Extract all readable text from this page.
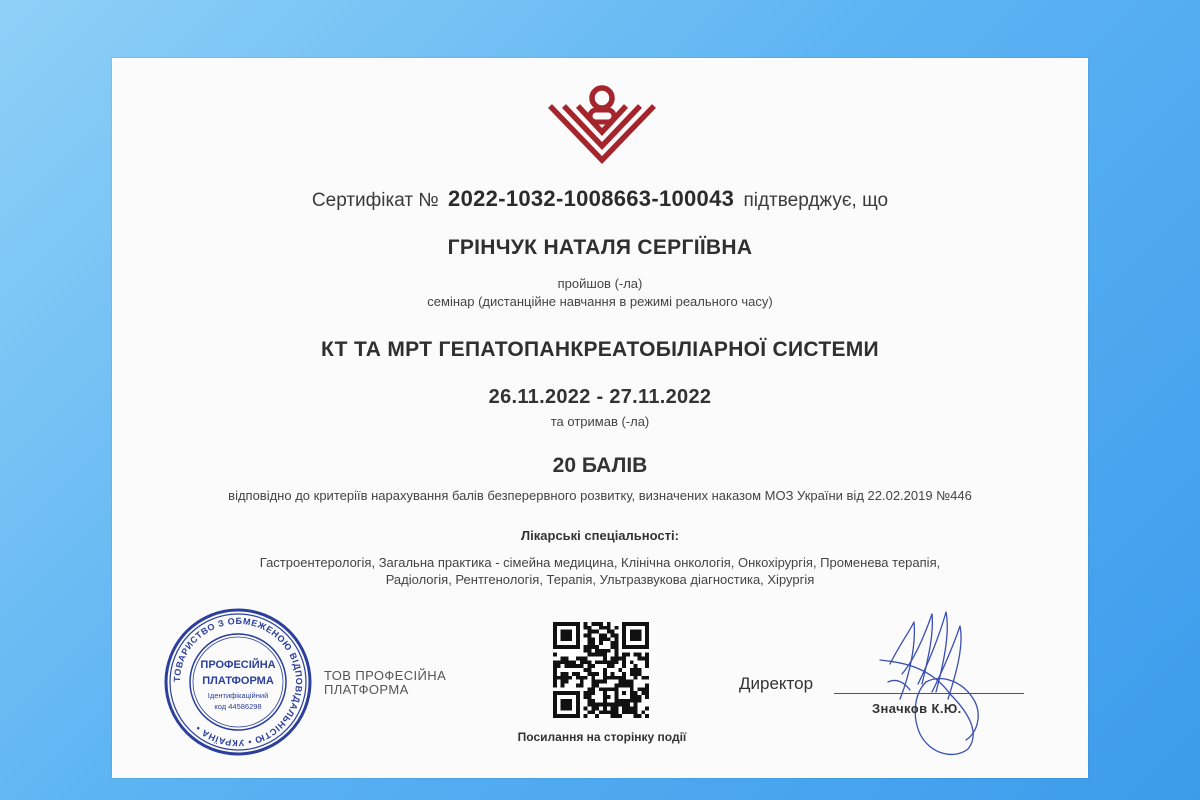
Сертифікат № 2022-1032-1008663-100043 підтверджує, що
ГРІНЧУК НАТАЛЯ СЕРГІЇВНА
пройшов (-ла)
семінар (дистанційне навчання в режимі реального часу)
КТ ТА МРТ ГЕПАТОПАНКРЕАТОБІЛІАРНОЇ СИСТЕМИ
26.11.2022 - 27.11.2022
та отримав (-ла)
20 БАЛІВ
відповідно до критеріїв нарахування балів безперервного розвитку, визначених наказом МОЗ України від 22.02.2019 №446
Лікарські спеціальності:
Гастроентерологія, Загальна практика - сімейна медицина, Клінічна онкологія, Онкохірургія, Променева терапія,
Радіологія, Рентгенологія, Терапія, Ультразвукова діагностика, Хірургія
ТОВАРИСТВО З ОБМЕЖЕНОЮ ВІДПОВІДАЛЬНІСТЮ • УКРАЇНА •
ПРОФЕСІЙНА
ПЛАТФОРМА
Ідентифікаційний
код 44586298
ТОВ ПРОФЕСІЙНА
ПЛАТФОРМА
Посилання на сторінку події
Директор
Значков К.Ю.
